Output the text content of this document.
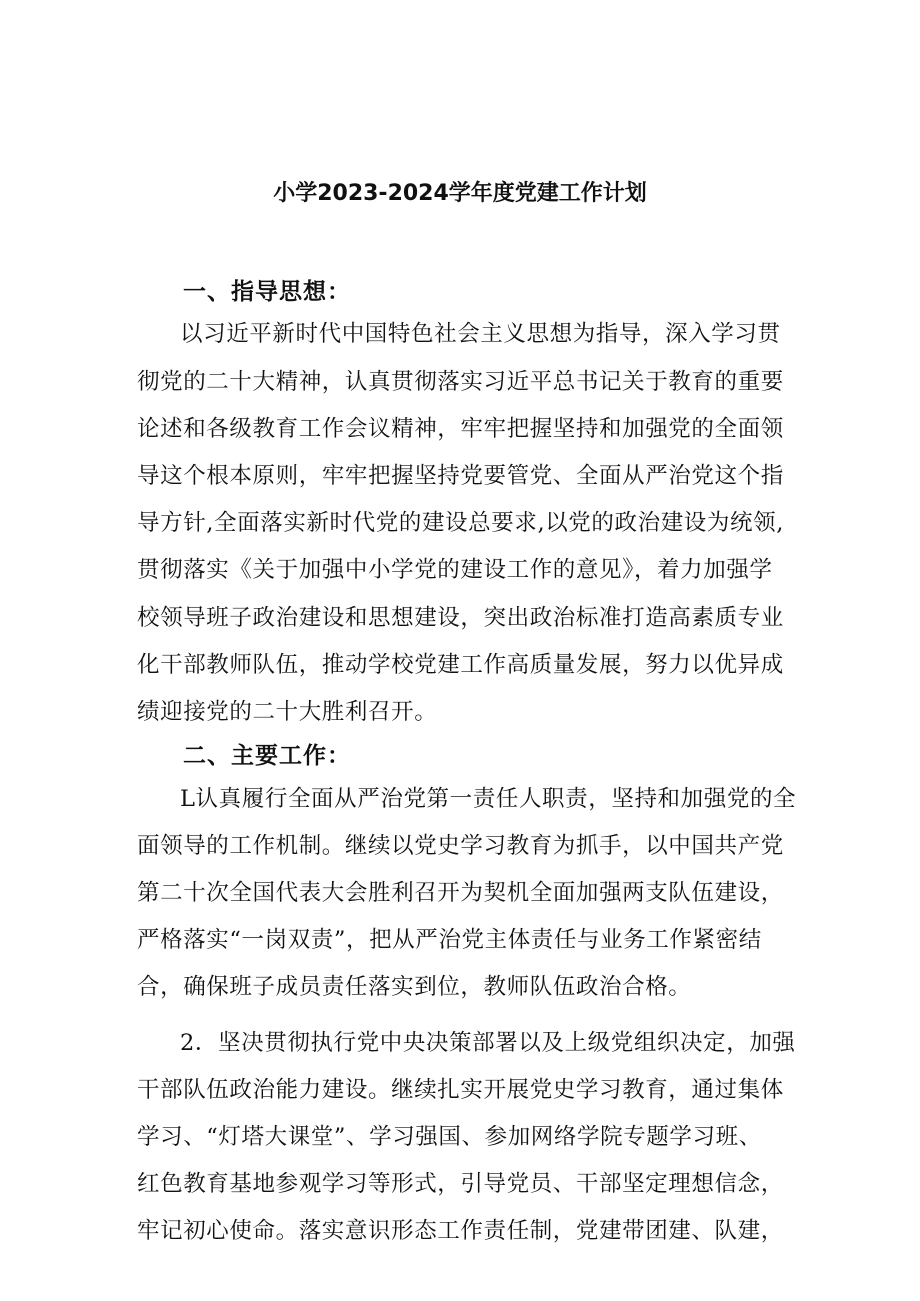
小学2023-2024学年度党建工作计划
一、指导思想：
以习近平新时代中国特色社会主义思想为指导，深入学习贯
彻党的二十大精神，认真贯彻落实习近平总书记关于教育的重要
论述和各级教育工作会议精神，牢牢把握坚持和加强党的全面领
导这个根本原则，牢牢把握坚持党要管党、全面从严治党这个指
导方针,全面落实新时代党的建设总要求,以党的政治建设为统领,
贯彻落实《关于加强中小学党的建设工作的意见》，着力加强学
校领导班子政治建设和思想建设，突出政治标准打造高素质专业
化干部教师队伍，推动学校党建工作高质量发展，努力以优异成
绩迎接党的二十大胜利召开。
二、主要工作：
L认真履行全面从严治党第一责任人职责，坚持和加强党的全
面领导的工作机制。继续以党史学习教育为抓手，以中国共产党
第二十次全国代表大会胜利召开为契机全面加强两支队伍建设，
严格落实“一岗双责”，把从严治党主体责任与业务工作紧密结
合，确保班子成员责任落实到位，教师队伍政治合格。
2．坚决贯彻执行党中央决策部署以及上级党组织决定，加强
干部队伍政治能力建设。继续扎实开展党史学习教育，通过集体
学习、“灯塔大课堂”、学习强国、参加网络学院专题学习班、
红色教育基地参观学习等形式，引导党员、干部坚定理想信念，
牢记初心使命。落实意识形态工作责任制，党建带团建、队建，
